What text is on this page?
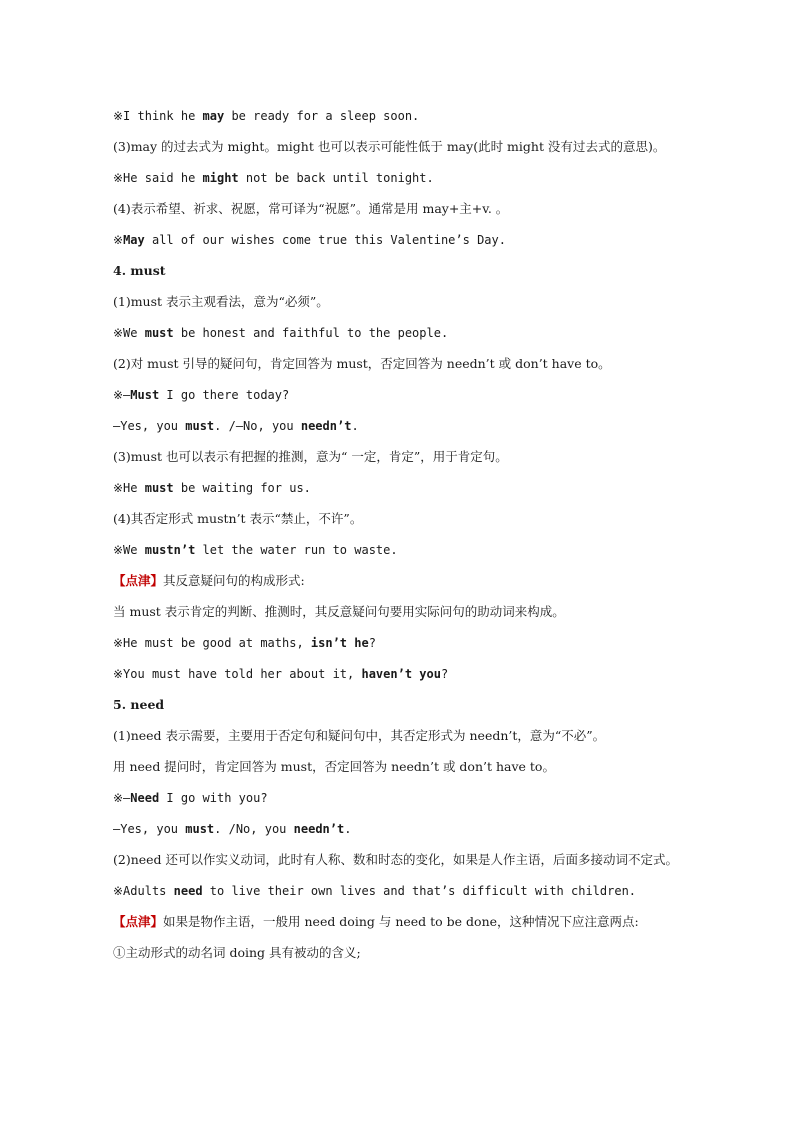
※I think he may be ready for a sleep soon.
(3)may 的过去式为 might。might 也可以表示可能性低于 may(此时 might 没有过去式的意思)。
※He said he might not be back until tonight.
(4)表示希望、祈求、祝愿，常可译为“祝愿”。通常是用 may+主+v. 。
※May all of our wishes come true this Valentine’s Day.
4. must
(1)must 表示主观看法，意为“必须”。
※We must be honest and faithful to the people.
(2)对 must 引导的疑问句，肯定回答为 must，否定回答为 needn’t 或 don’t have to。
※—Must I go there today?
—Yes, you must. /—No, you needn’t.
(3)must 也可以表示有把握的推测，意为“ 一定，肯定”，用于肯定句。
※He must be waiting for us.
(4)其否定形式 mustn’t 表示“禁止，不许”。
※We mustn’t let the water run to waste.
【点津】其反意疑问句的构成形式:
当 must 表示肯定的判断、推测时，其反意疑问句要用实际问句的助动词来构成。
※He must be good at maths, isn’t he?
※You must have told her about it, haven’t you?
5. need
(1)need 表示需要，主要用于否定句和疑问句中，其否定形式为 needn’t，意为“不必”。
用 need 提问时，肯定回答为 must，否定回答为 needn’t 或 don’t have to。
※—Need I go with you?
—Yes, you must. /No, you needn’t.
(2)need 还可以作实义动词，此时有人称、数和时态的变化，如果是人作主语，后面多接动词不定式。
※Adults need to live their own lives and that’s difficult with children.
【点津】如果是物作主语，一般用 need doing 与 need to be done，这种情况下应注意两点:
①主动形式的动名词 doing 具有被动的含义;
